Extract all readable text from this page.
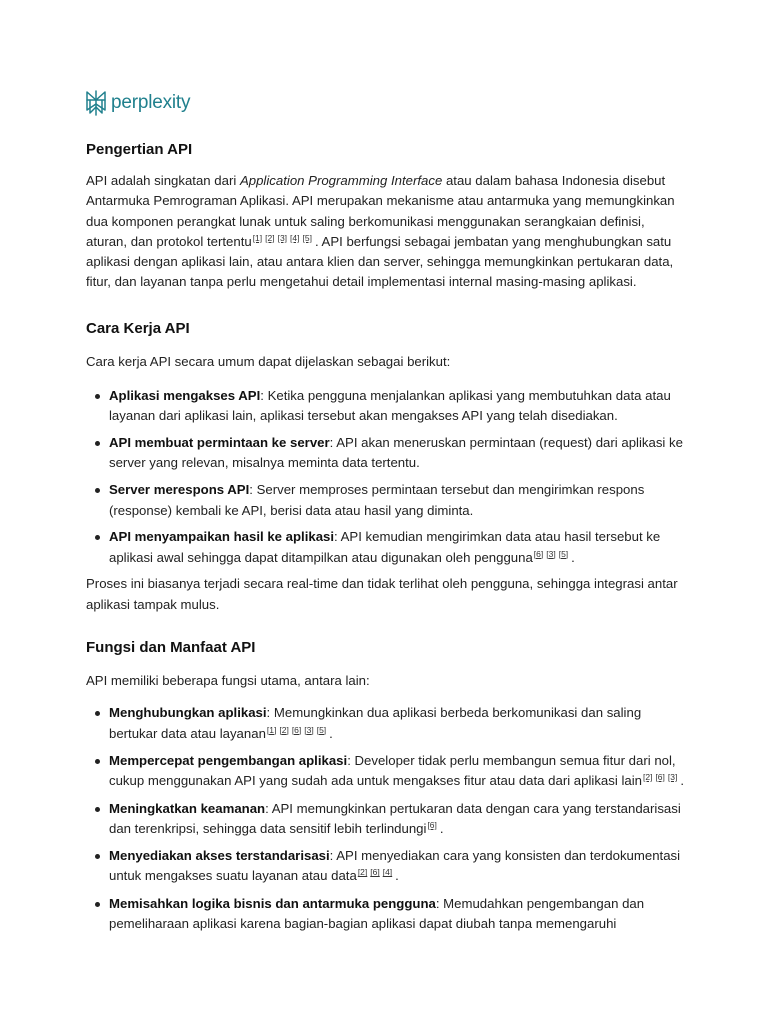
perplexity
Pengertian API

API adalah singkatan dari Application Programming Interface atau dalam bahasa Indonesia disebut Antarmuka Pemrograman Aplikasi. API merupakan mekanisme atau antarmuka yang memungkinkan dua komponen perangkat lunak untuk saling berkomunikasi menggunakan serangkaian definisi, aturan, dan protokol tertentu[1] [2] [3] [4] [5] . API berfungsi sebagai jembatan yang menghubungkan satu aplikasi dengan aplikasi lain, atau antara klien dan server, sehingga memungkinkan pertukaran data, fitur, dan layanan tanpa perlu mengetahui detail implementasi internal masing-masing aplikasi.

Cara Kerja API

Cara kerja API secara umum dapat dijelaskan sebagai berikut:

Aplikasi mengakses API: Ketika pengguna menjalankan aplikasi yang membutuhkan data atau layanan dari aplikasi lain, aplikasi tersebut akan mengakses API yang telah disediakan.
API membuat permintaan ke server: API akan meneruskan permintaan (request) dari aplikasi ke server yang relevan, misalnya meminta data tertentu.
Server merespons API: Server memproses permintaan tersebut dan mengirimkan respons (response) kembali ke API, berisi data atau hasil yang diminta.
API menyampaikan hasil ke aplikasi: API kemudian mengirimkan data atau hasil tersebut ke aplikasi awal sehingga dapat ditampilkan atau digunakan oleh pengguna[6] [3] [5] .

Proses ini biasanya terjadi secara real-time dan tidak terlihat oleh pengguna, sehingga integrasi antar aplikasi tampak mulus.

Fungsi dan Manfaat API

API memiliki beberapa fungsi utama, antara lain:

Menghubungkan aplikasi: Memungkinkan dua aplikasi berbeda berkomunikasi dan saling bertukar data atau layanan[1] [2] [6] [3] [5] .
Mempercepat pengembangan aplikasi: Developer tidak perlu membangun semua fitur dari nol, cukup menggunakan API yang sudah ada untuk mengakses fitur atau data dari aplikasi lain[2] [6] [3] .
Meningkatkan keamanan: API memungkinkan pertukaran data dengan cara yang terstandarisasi dan terenkripsi, sehingga data sensitif lebih terlindungi[6] .
Menyediakan akses terstandarisasi: API menyediakan cara yang konsisten dan terdokumentasi untuk mengakses suatu layanan atau data[2] [6] [4] .
Memisahkan logika bisnis dan antarmuka pengguna: Memudahkan pengembangan dan pemeliharaan aplikasi karena bagian-bagian aplikasi dapat diubah tanpa memengaruhi
